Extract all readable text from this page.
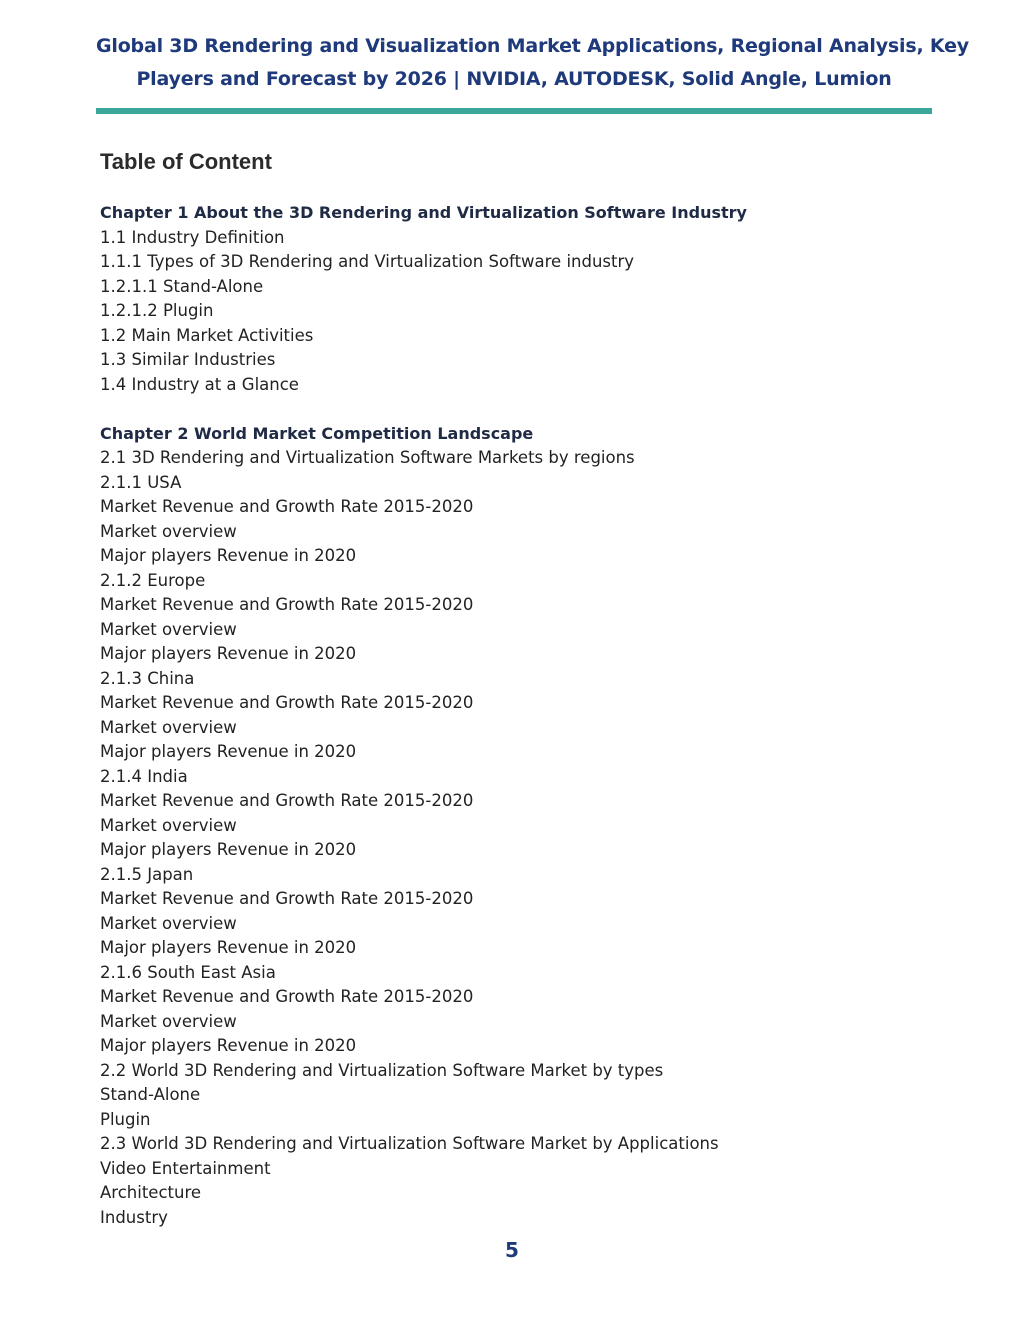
Global 3D Rendering and Visualization Market Applications, Regional Analysis, Key
Players and Forecast by 2026 | NVIDIA, AUTODESK, Solid Angle, Lumion
Table of Content
Chapter 1 About the 3D Rendering and Virtualization Software Industry
1.1 Industry Definition
1.1.1 Types of 3D Rendering and Virtualization Software industry
1.2.1.1 Stand-Alone
1.2.1.2 Plugin
1.2 Main Market Activities
1.3 Similar Industries
1.4 Industry at a Glance
Chapter 2 World Market Competition Landscape
2.1 3D Rendering and Virtualization Software Markets by regions
2.1.1 USA
Market Revenue and Growth Rate 2015-2020
Market overview
Major players Revenue in 2020
2.1.2 Europe
Market Revenue and Growth Rate 2015-2020
Market overview
Major players Revenue in 2020
2.1.3 China
Market Revenue and Growth Rate 2015-2020
Market overview
Major players Revenue in 2020
2.1.4 India
Market Revenue and Growth Rate 2015-2020
Market overview
Major players Revenue in 2020
2.1.5 Japan
Market Revenue and Growth Rate 2015-2020
Market overview
Major players Revenue in 2020
2.1.6 South East Asia
Market Revenue and Growth Rate 2015-2020
Market overview
Major players Revenue in 2020
2.2 World 3D Rendering and Virtualization Software Market by types
Stand-Alone
Plugin
2.3 World 3D Rendering and Virtualization Software Market by Applications
Video Entertainment
Architecture
Industry
5
